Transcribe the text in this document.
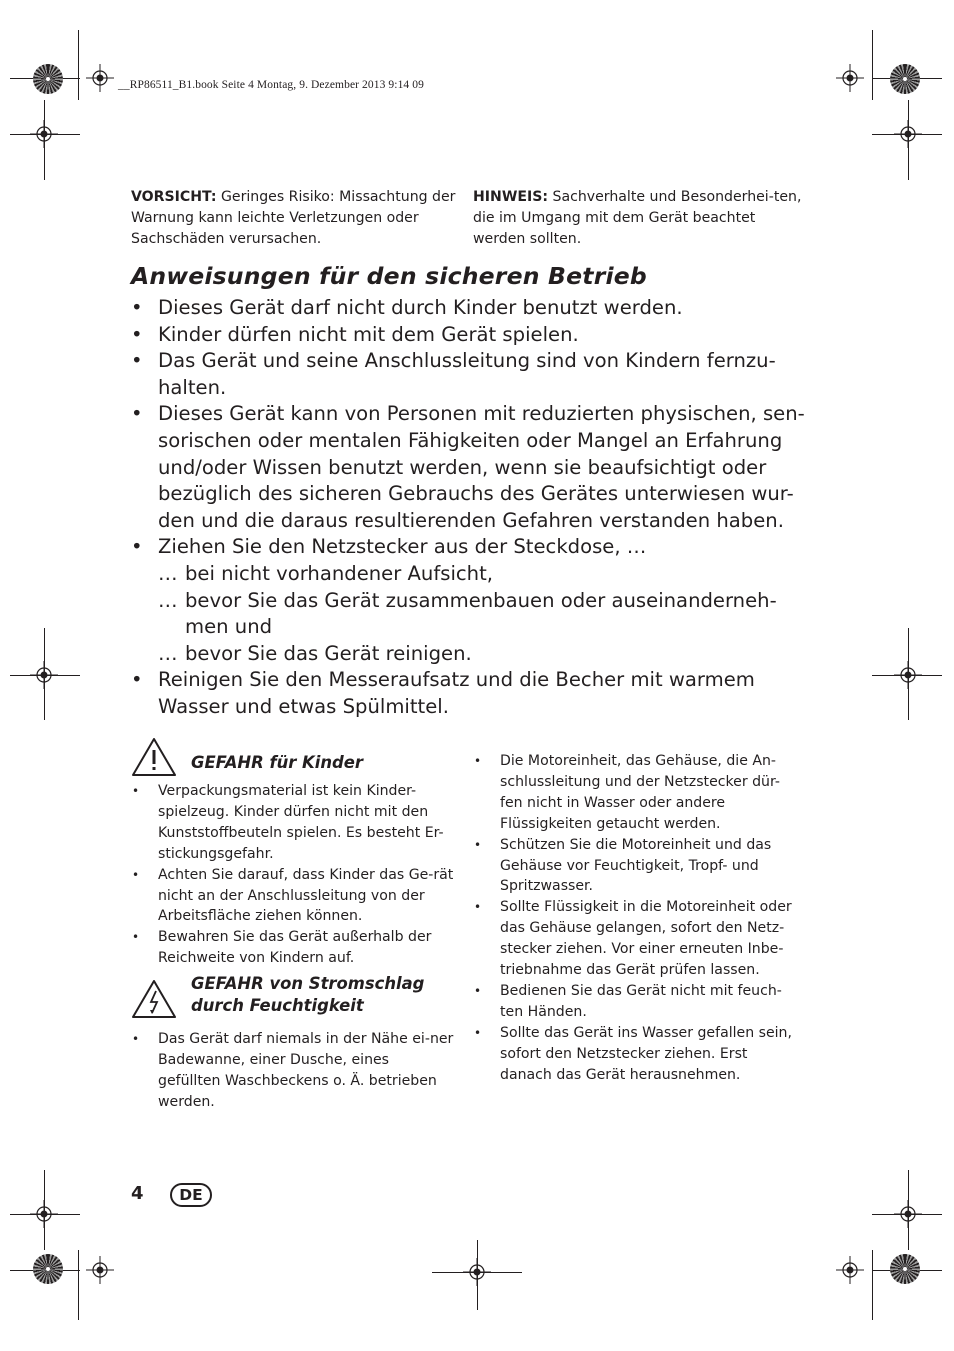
__RP86511_B1.book Seite 4 Montag, 9. Dezember 2013 9:14 09
VORSICHT: Geringes Risiko: Missachtung der Warnung kann leichte Verletzungen oder Sachschäden verursachen.
HINWEIS: Sachverhalte und Besonderhei-ten, die im Umgang mit dem Gerät beachtet werden sollten.
Anweisungen für den sicheren Betrieb
• Dieses Gerät darf nicht durch Kinder benutzt werden.
• Kinder dürfen nicht mit dem Gerät spielen.
• Das Gerät und seine Anschlussleitung sind von Kindern fernzu-halten.
• Dieses Gerät kann von Personen mit reduzierten physischen, sen-sorischen oder mentalen Fähigkeiten oder Mangel an Erfahrung und/oder Wissen benutzt werden, wenn sie beaufsichtigt oder bezüglich des sicheren Gebrauchs des Gerätes unterwiesen wur-den und die daraus resultierenden Gefahren verstanden haben.
• Ziehen Sie den Netzstecker aus der Steckdose, …
… bei nicht vorhandener Aufsicht,
… bevor Sie das Gerät zusammenbauen oder auseinanderneh-men und
… bevor Sie das Gerät reinigen.
• Reinigen Sie den Messeraufsatz und die Becher mit warmem Wasser und etwas Spülmittel.
GEFAHR für Kinder
• Verpackungsmaterial ist kein Kinder-spielzeug. Kinder dürfen nicht mit den Kunststoffbeuteln spielen. Es besteht Er-stickungsgefahr.
• Achten Sie darauf, dass Kinder das Ge-rät nicht an der Anschlussleitung von der Arbeitsfläche ziehen können.
• Bewahren Sie das Gerät außerhalb der Reichweite von Kindern auf.
GEFAHR von Stromschlag
durch Feuchtigkeit
• Das Gerät darf niemals in der Nähe ei-ner Badewanne, einer Dusche, eines gefüllten Waschbeckens o. Ä. betrieben werden.
• Die Motoreinheit, das Gehäuse, die An-schlussleitung und der Netzstecker dür-fen nicht in Wasser oder andere Flüssigkeiten getaucht werden.
• Schützen Sie die Motoreinheit und das Gehäuse vor Feuchtigkeit, Tropf- und Spritzwasser.
• Sollte Flüssigkeit in die Motoreinheit oder das Gehäuse gelangen, sofort den Netz-stecker ziehen. Vor einer erneuten Inbe-triebnahme das Gerät prüfen lassen.
• Bedienen Sie das Gerät nicht mit feuch-ten Händen.
• Sollte das Gerät ins Wasser gefallen sein, sofort den Netzstecker ziehen. Erst danach das Gerät herausnehmen.
4	DE
